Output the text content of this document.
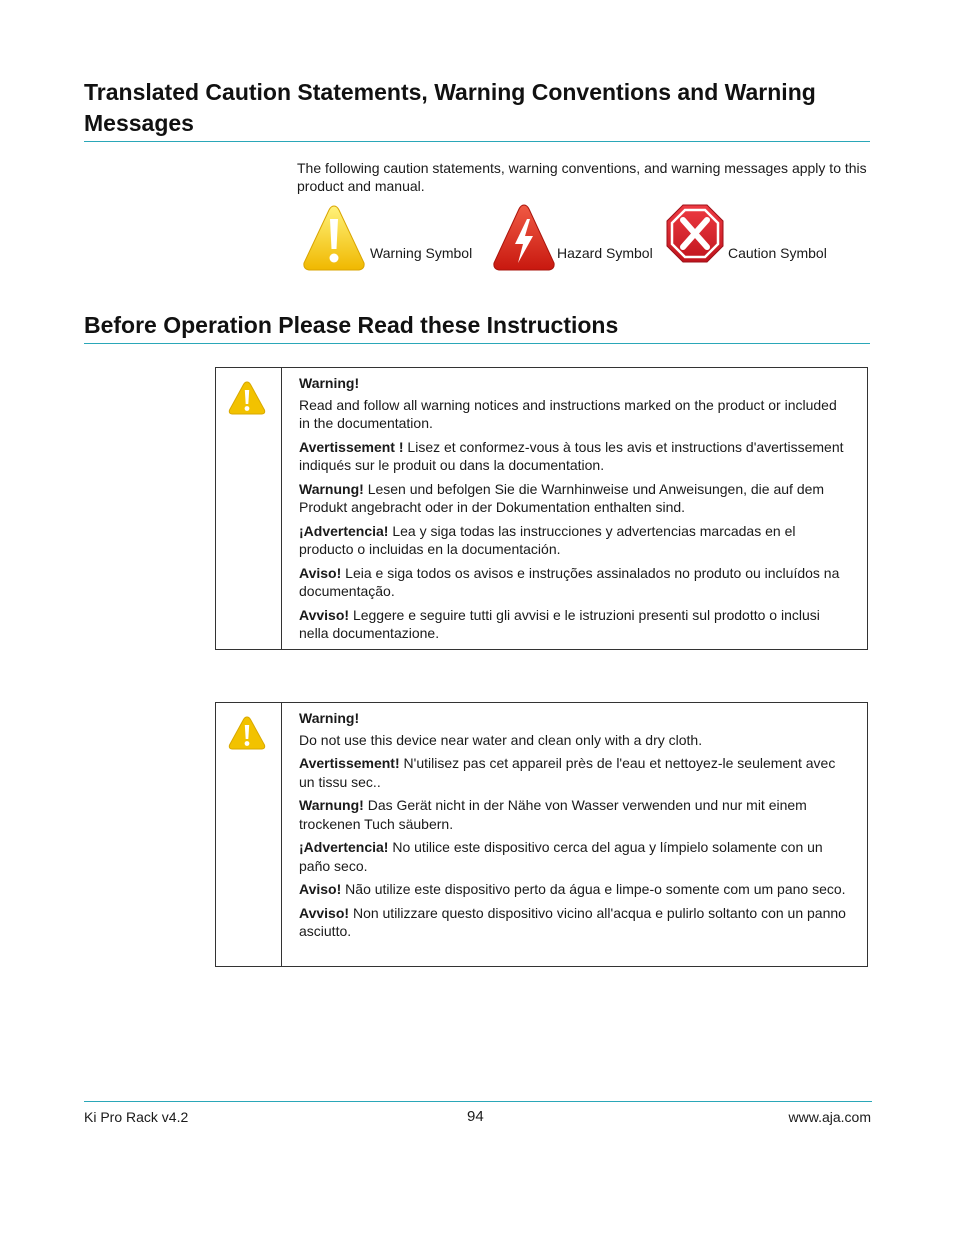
Translated Caution Statements, Warning Conventions and Warning Messages
The following caution statements, warning conventions, and warning messages apply to this product and manual.
Warning Symbol	Hazard Symbol	Caution Symbol
Before Operation Please Read these Instructions
Warning!

Read and follow all warning notices and instructions marked on the product or included in the documentation.

Avertissement ! Lisez et conformez-vous à tous les avis et instructions d'avertissement indiqués sur le produit ou dans la documentation.

Warnung! Lesen und befolgen Sie die Warnhinweise und Anweisungen, die auf dem Produkt angebracht oder in der Dokumentation enthalten sind.

¡Advertencia! Lea y siga todas las instrucciones y advertencias marcadas en el producto o incluidas en la documentación.

Aviso! Leia e siga todos os avisos e instruções assinalados no produto ou incluídos na documentação.

Avviso! Leggere e seguire tutti gli avvisi e le istruzioni presenti sul prodotto o inclusi nella documentazione.

Warning!

Do not use this device near water and clean only with a dry cloth.

Avertissement! N'utilisez pas cet appareil près de l'eau et nettoyez-le seulement avec un tissu sec..

Warnung! Das Gerät nicht in der Nähe von Wasser verwenden und nur mit einem trockenen Tuch säubern.

¡Advertencia! No utilice este dispositivo cerca del agua y límpielo solamente con un paño seco.

Aviso! Não utilize este dispositivo perto da água e limpe-o somente com um pano seco.

Avviso! Non utilizzare questo dispositivo vicino all'acqua e pulirlo soltanto con un panno asciutto.

Ki Pro Rack v4.2	94	www.aja.com
